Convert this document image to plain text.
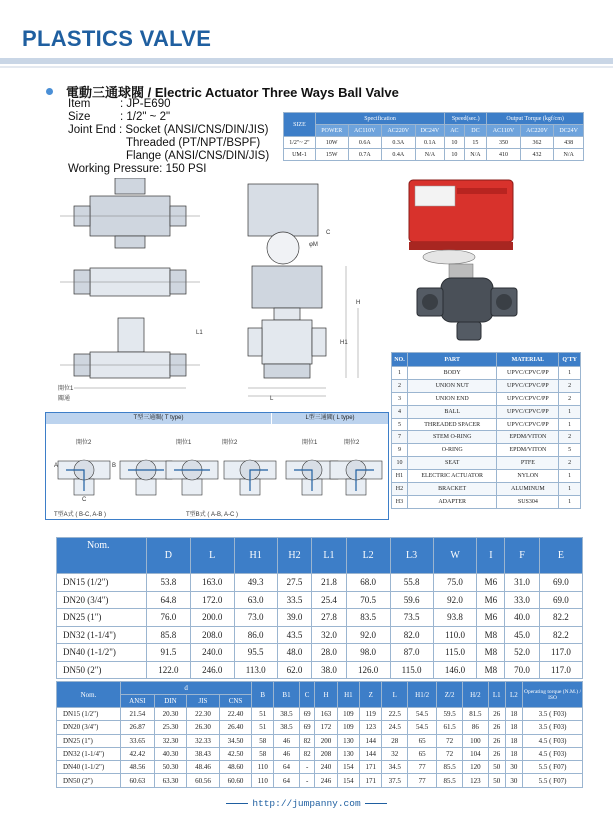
PLASTICS VALVE
電動三通球閥 / Electric Actuator Three Ways Ball Valve
Item	: JP-E690
Size	: 1/2" ~ 2"
Joint End : Socket (ANSI/CNS/DIN/JIS)
Threaded (PT/NPT/BSPF)
Flange (ANSI/CNS/DIN/JIS)
Working Pressure: 150 PSI
SIZE	Specification				Speed(sec.)		Output Torque (kgf/cm)		
	POWER	AC110V	AC220V	DC24V	AC	DC	AC110V	AC220V	DC24V
1/2"~ 2"	10W	0.6A	0.3A	0.1A	10	15	350	362	438
UM-1	15W	0.7A	0.4A	N/A	10	N/A	410	432	N/A
開位1
關通
H
H1
C
φM
L
L1
NO.	PART	MATERIAL	Q'TY
1	BODY	UPVC/CPVC/PP	1
2	UNION NUT	UPVC/CPVC/PP	2
3	UNION END	UPVC/CPVC/PP	2
4	BALL	UPVC/CPVC/PP	1
5	THREADED SPACER	UPVC/CPVC/PP	1
7	STEM O-RING	EPDM/VITON	2
9	O-RING	EPDM/VITON	5
10	SEAT	PTFE	2
H1	ELECTRIC ACTUATOR	NYLON	1
H2	BRACKET	ALUMINUM	1
H3	ADAPTER	SUS304	1
T型三通閥( T type)	L型三通閥( L type)
開位2	開位1	開位2	開位1	開位2
A	B
C
T型A式 ( B-C, A-B )	T型B式 ( A-B, A-C )
Nom.	D	L	H1	H2	L1	L2	L3	W	I	F	E
DN15 (1/2")	53.8	163.0	49.3	27.5	21.8	68.0	55.8	75.0	M6	31.0	69.0
DN20 (3/4")	64.8	172.0	63.0	33.5	25.4	70.5	59.6	92.0	M6	33.0	69.0
DN25 (1")	76.0	200.0	73.0	39.0	27.8	83.5	73.5	93.8	M6	40.0	82.2
DN32 (1-1/4")	85.8	208.0	86.0	43.5	32.0	92.0	82.0	110.0	M8	45.0	82.2
DN40 (1-1/2")	91.5	240.0	95.5	48.0	28.0	98.0	87.0	115.0	M8	52.0	117.0
DN50 (2")	122.0	246.0	113.0	62.0	38.0	126.0	115.0	146.0	M8	70.0	117.0
Nom.	d				B	B1	C	H	H1	Z	L	H1/2	Z/2	H/2	L1	L2	Operating torque (N.M.) / ISO
	ANSI	DIN	JIS	CNS													
DN15 (1/2")	21.54	20.30	22.30	22.40	51	38.5	69	163	109	119	22.5	54.5	59.5	81.5	26	18	3.5 ( F03)
DN20 (3/4")	26.87	25.30	26.30	26.40	51	38.5	69	172	109	123	24.5	54.5	61.5	86	26	18	3.5 ( F03)
DN25 (1")	33.65	32.30	32.33	34.50	58	46	82	200	130	144	28	65	72	100	26	18	4.5 ( F03)
DN32 (1-1/4")	42.42	40.30	38.43	42.50	58	46	82	208	130	144	32	65	72	104	26	18	4.5 ( F03)
DN40 (1-1/2")	48.56	50.30	48.46	48.60	110	64	-	240	154	171	34.5	77	85.5	120	50	30	5.5 ( F07)
DN50 (2")	60.63	63.30	60.56	60.60	110	64	-	246	154	171	37.5	77	85.5	123	50	30	5.5 ( F07)
http://jumpanny.com
